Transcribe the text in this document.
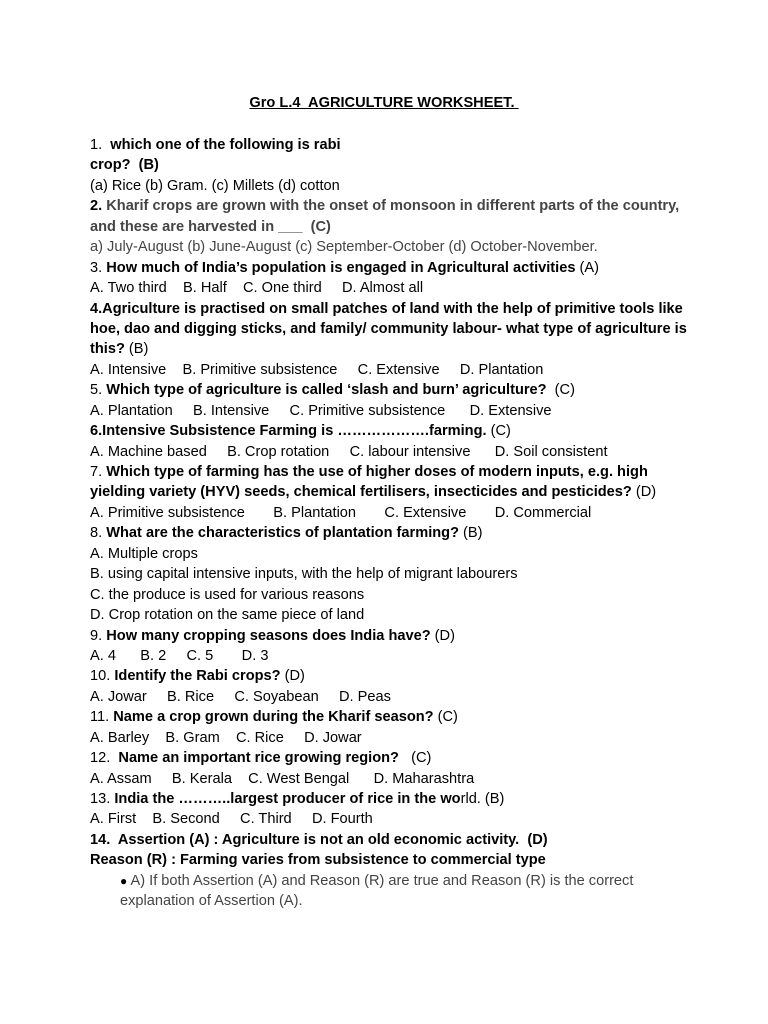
Gro L.4  AGRICULTURE WORKSHEET.
1.  which one of the following is rabi
crop?  (B)
(a) Rice (b) Gram. (c) Millets (d) cotton
2. Kharif crops are grown with the onset of monsoon in different parts of the country,
and these are harvested in ___  (C)
a) July-August (b) June-August (c) September-October (d) October-November.
3. How much of India’s population is engaged in Agricultural activities (A)
A. Two third    B. Half    C. One third     D. Almost all
4.Agriculture is practised on small patches of land with the help of primitive tools like
hoe, dao and digging sticks, and family/ community labour- what type of agriculture is
this? (B)
A. Intensive    B. Primitive subsistence     C. Extensive     D. Plantation
5. Which type of agriculture is called ‘slash and burn’ agriculture?  (C)
A. Plantation     B. Intensive     C. Primitive subsistence      D. Extensive
6.Intensive Subsistence Farming is ……………….farming. (C)
A. Machine based     B. Crop rotation     C. labour intensive      D. Soil consistent
7. Which type of farming has the use of higher doses of modern inputs, e.g. high
yielding variety (HYV) seeds, chemical fertilisers, insecticides and pesticides? (D)
A. Primitive subsistence       B. Plantation       C. Extensive       D. Commercial
8. What are the characteristics of plantation farming? (B)
A. Multiple crops
B. using capital intensive inputs, with the help of migrant labourers
C. the produce is used for various reasons
D. Crop rotation on the same piece of land
9. How many cropping seasons does India have? (D)
A. 4      B. 2     C. 5       D. 3
10. Identify the Rabi crops? (D)
A. Jowar     B. Rice     C. Soyabean     D. Peas
11. Name a crop grown during the Kharif season? (C)
A. Barley    B. Gram    C. Rice     D. Jowar
12.  Name an important rice growing region?   (C)
A. Assam     B. Kerala    C. West Bengal      D. Maharashtra
13. India the ………..largest producer of rice in the world. (B)
A. First    B. Second     C. Third     D. Fourth
14.  Assertion (A) : Agriculture is not an old economic activity.  (D)
Reason (R) : Farming varies from subsistence to commercial type
● A) If both Assertion (A) and Reason (R) are true and Reason (R) is the correct
explanation of Assertion (A).
